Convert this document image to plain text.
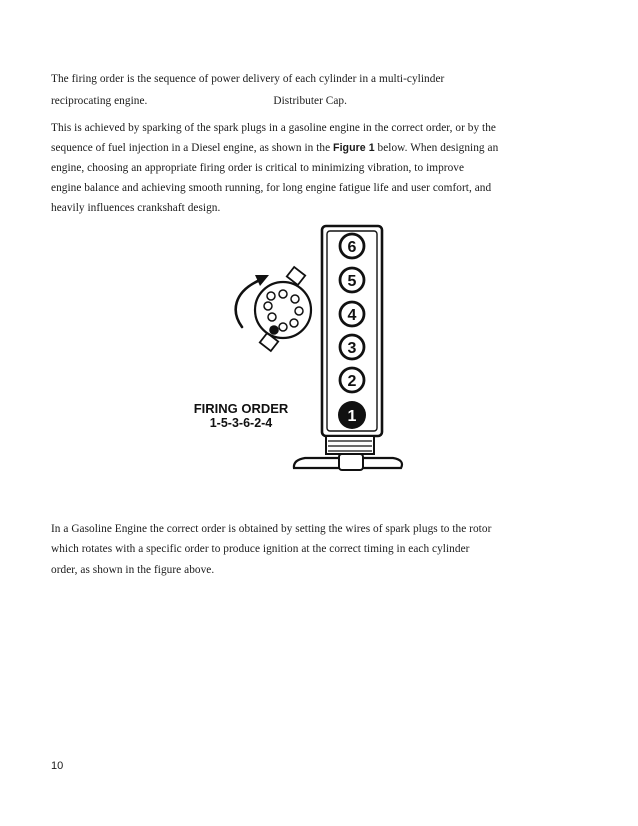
The firing order is the sequence of power delivery of each cylinder in a multi-cylinder
reciprocating engine.	Distributer Cap.
This is achieved by sparking of the spark plugs in a gasoline engine in the correct order, or by the
sequence of fuel injection in a Diesel engine, as shown in the Figure 1 below. When designing an
engine, choosing an appropriate firing order is critical to minimizing vibration, to improve
engine balance and achieving smooth running, for long engine fatigue life and user comfort, and
heavily influences crankshaft design.
6
5
4
3
2
1
FIRING ORDER
1-5-3-6-2-4
In a Gasoline Engine the correct order is obtained by setting the wires of spark plugs to the rotor
which rotates with a specific order to produce ignition at the correct timing in each cylinder
order, as shown in the figure above.
10
